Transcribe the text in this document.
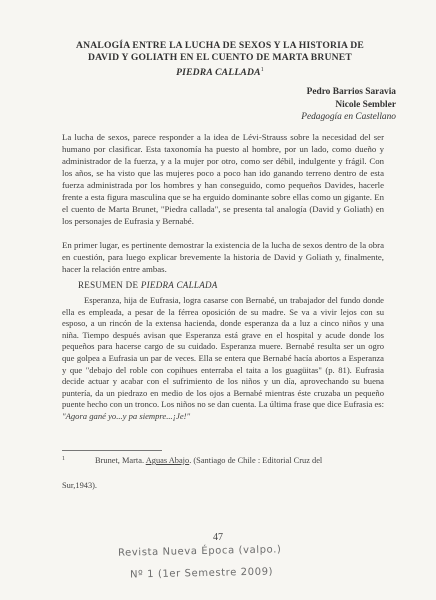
ANALOGÍA ENTRE LA LUCHA DE SEXOS Y LA HISTORIA DE
DAVID Y GOLIATH EN EL CUENTO DE MARTA BRUNET
PIEDRA CALLADA$^1$
Pedro Barrios Saravia
Nicole Sembler
Pedagogía en Castellano

La lucha de sexos, parece responder a la idea de Lévi-Strauss sobre la necesidad del ser humano por clasificar. Esta taxonomía ha puesto al hombre, por un lado, como dueño y administrador de la fuerza, y a la mujer por otro, como ser débil, indulgente y frágil. Con los años, se ha visto que las mujeres poco a poco han ido ganando terreno dentro de esta fuerza administrada por los hombres y han conseguido, como pequeños Davides, hacerle frente a esta figura masculina que se ha erguido dominante sobre ellas como un gigante. En el cuento de Marta Brunet, "Piedra callada", se presenta tal analogía (David y Goliath) en los personajes de Eufrasia y Bernabé.

En primer lugar, es pertinente demostrar la existencia de la lucha de sexos dentro de la obra en cuestión, para luego explicar brevemente la historia de David y Goliath y, finalmente, hacer la relación entre ambas.

RESUMEN DE PIEDRA CALLADA

Esperanza, hija de Eufrasia, logra casarse con Bernabé, un trabajador del fundo donde ella es empleada, a pesar de la férrea oposición de su madre. Se va a vivir lejos con su esposo, a un rincón de la extensa hacienda, donde esperanza da a luz a cinco niños y una niña. Tiempo después avisan que Esperanza está grave en el hospital y acude donde los pequeños para hacerse cargo de su cuidado. Esperanza muere. Bernabé resulta ser un ogro que golpea a Eufrasia un par de veces. Ella se entera que Bernabé hacía abortos a Esperanza y que "debajo del roble con copihues enterraba el taita a los guagüitas" (p. 81). Eufrasia decide actuar y acabar con el sufrimiento de los niños y un día, aprovechando su buena puntería, da un piedrazo en medio de los ojos a Bernabé mientras éste cruzaba un pequeño puente hecho con un tronco. Los niños no se dan cuenta. La última frase que dice Eufrasia es: "Agora gané yo...y pa siempre...¡Je!"

$^1$	Brunet, Marta. Aguas Abajo. (Santiago de Chile : Editorial Cruz del
Sur,1943).
47
Revista Nueva Época (valpo.)
Nº 1 (1er Semestre 2009)
